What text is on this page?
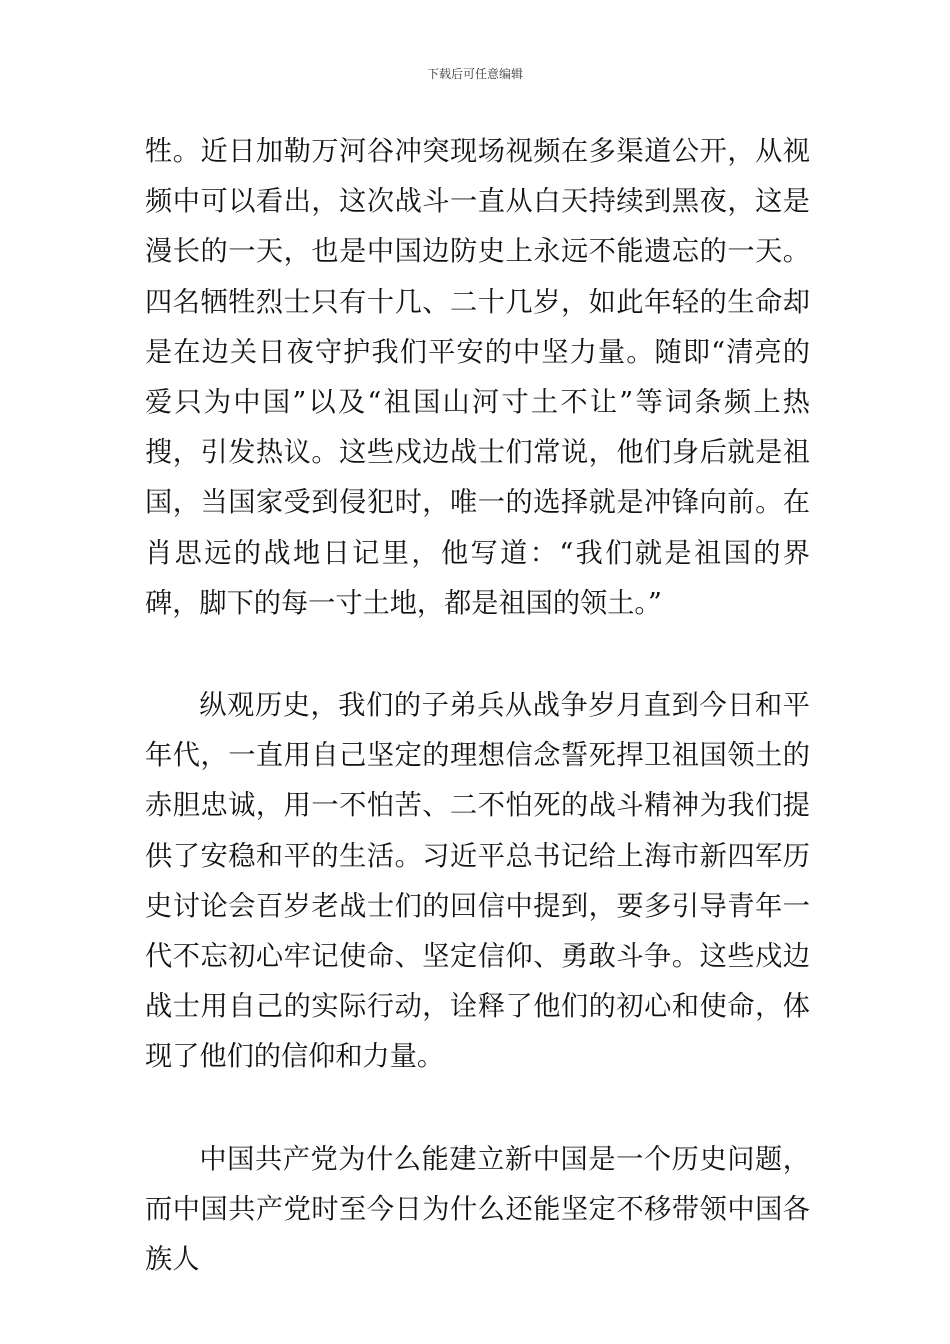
下载后可任意编辑

牲。近日加勒万河谷冲突现场视频在多渠道公开，从视频中可以看出，这次战斗一直从白天持续到黑夜，这是漫长的一天，也是中国边防史上永远不能遗忘的一天。四名牺牲烈士只有十几、二十几岁，如此年轻的生命却是在边关日夜守护我们平安的中坚力量。随即“清亮的爱只为中国”以及“祖国山河寸土不让”等词条频上热搜，引发热议。这些戍边战士们常说，他们身后就是祖国，当国家受到侵犯时，唯一的选择就是冲锋向前。在肖思远的战地日记里，他写道：“我们就是祖国的界碑，脚下的每一寸土地，都是祖国的领土。”

纵观历史，我们的子弟兵从战争岁月直到今日和平年代，一直用自己坚定的理想信念誓死捍卫祖国领土的赤胆忠诚，用一不怕苦、二不怕死的战斗精神为我们提供了安稳和平的生活。习近平总书记给上海市新四军历史讨论会百岁老战士们的回信中提到，要多引导青年一代不忘初心牢记使命、坚定信仰、勇敢斗争。这些戍边战士用自己的实际行动，诠释了他们的初心和使命，体现了他们的信仰和力量。

中国共产党为什么能建立新中国是一个历史问题，而中国共产党时至今日为什么还能坚定不移带领中国各族人
